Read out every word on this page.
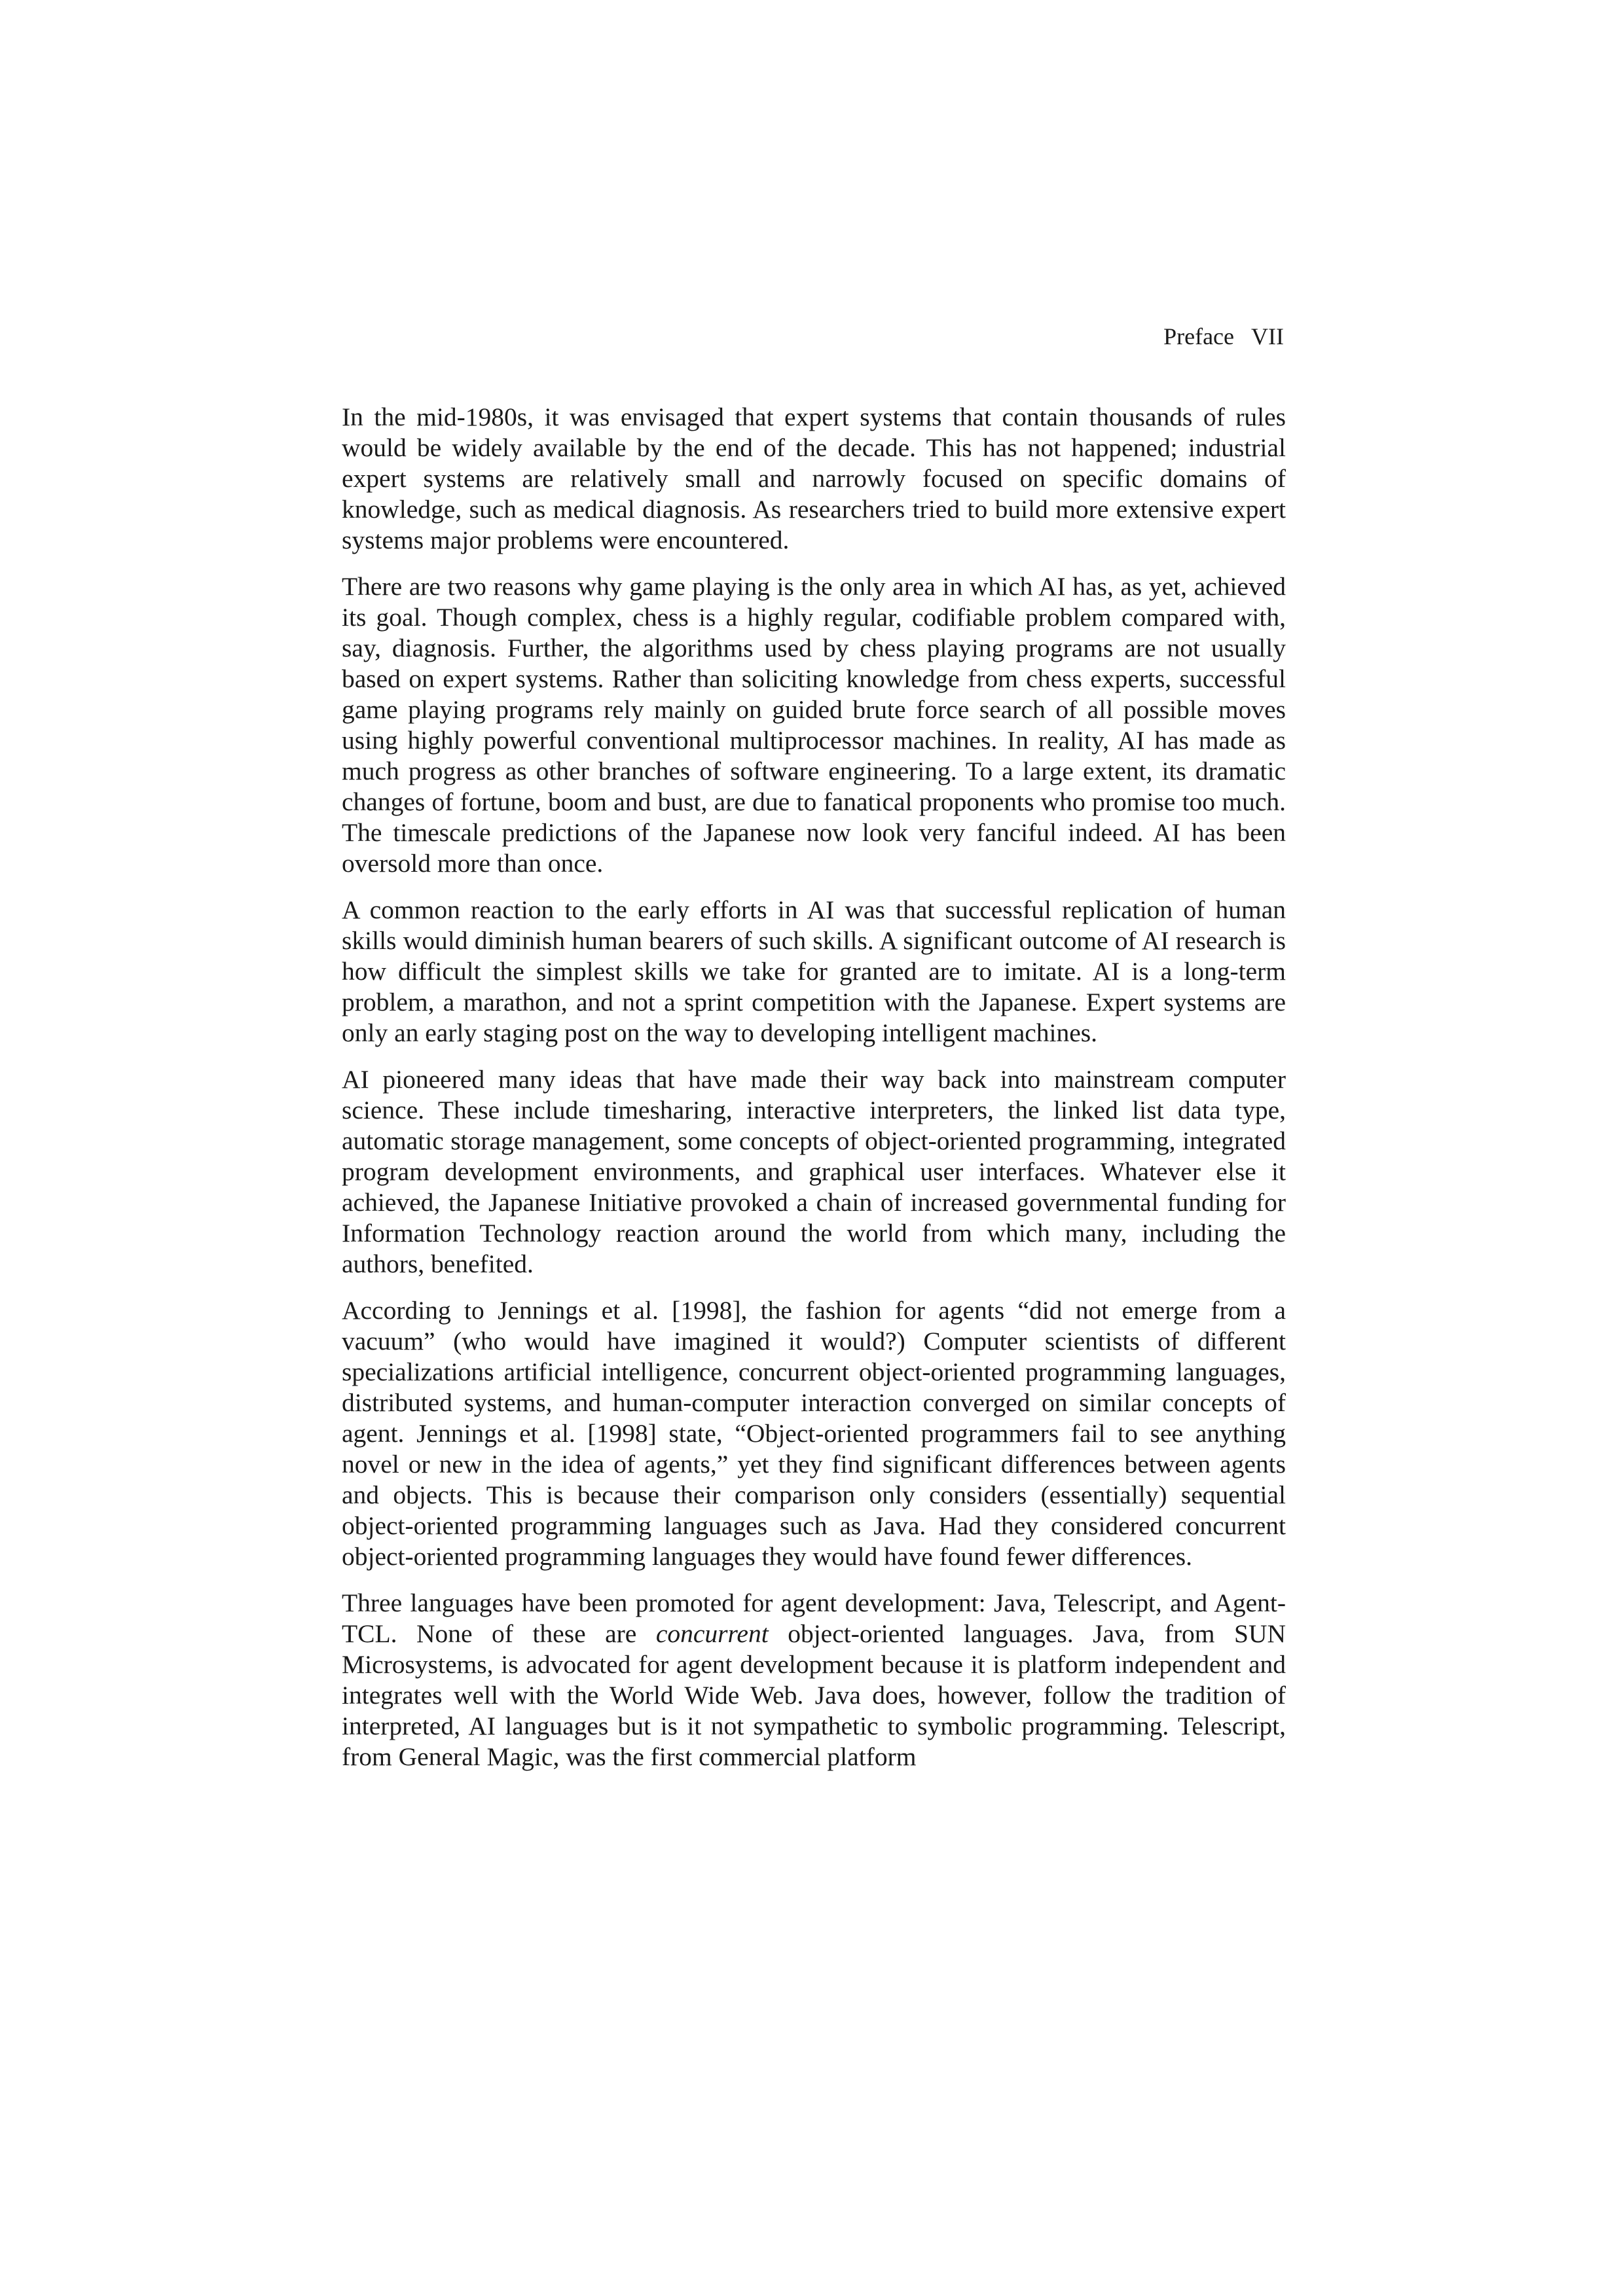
Preface VII

In the mid-1980s, it was envisaged that expert systems that contain thousands of rules would be widely available by the end of the decade. This has not happened; industrial expert systems are relatively small and narrowly focused on specific domains of knowledge, such as medical diagnosis. As researchers tried to build more extensive expert systems major problems were encountered.

There are two reasons why game playing is the only area in which AI has, as yet, achieved its goal. Though complex, chess is a highly regular, codifiable problem compared with, say, diagnosis. Further, the algorithms used by chess playing programs are not usually based on expert systems. Rather than soliciting knowledge from chess experts, successful game playing programs rely mainly on guided brute force search of all possible moves using highly powerful conventional multiprocessor machines. In reality, AI has made as much progress as other branches of software engineering. To a large extent, its dramatic changes of fortune, boom and bust, are due to fanatical proponents who promise too much. The timescale predictions of the Japanese now look very fanciful indeed. AI has been oversold more than once.

A common reaction to the early efforts in AI was that successful replication of human skills would diminish human bearers of such skills. A significant outcome of AI research is how difficult the simplest skills we take for granted are to imitate. AI is a long-term problem, a marathon, and not a sprint competition with the Japanese. Expert systems are only an early staging post on the way to developing intelligent machines.

AI pioneered many ideas that have made their way back into mainstream computer science. These include timesharing, interactive interpreters, the linked list data type, automatic storage management, some concepts of object-oriented programming, integrated program development environments, and graphical user interfaces. Whatever else it achieved, the Japanese Initiative provoked a chain of increased governmental funding for Information Technology reaction around the world from which many, including the authors, benefited.

According to Jennings et al. [1998], the fashion for agents “did not emerge from a vacuum” (who would have imagined it would?) Computer scientists of different specializations artificial intelligence, concurrent object-oriented programming languages, distributed systems, and human-computer interaction converged on similar concepts of agent. Jennings et al. [1998] state, “Object-oriented programmers fail to see anything novel or new in the idea of agents,” yet they find significant differences between agents and objects. This is because their comparison only considers (essentially) sequential object-oriented programming languages such as Java. Had they considered concurrent object-oriented programming languages they would have found fewer differences.

Three languages have been promoted for agent development: Java, Telescript, and Agent-TCL. None of these are concurrent object-oriented languages. Java, from SUN Microsystems, is advocated for agent development because it is platform independent and integrates well with the World Wide Web. Java does, however, follow the tradition of interpreted, AI languages but is it not sympathetic to symbolic programming. Telescript, from General Magic, was the first commercial platform
